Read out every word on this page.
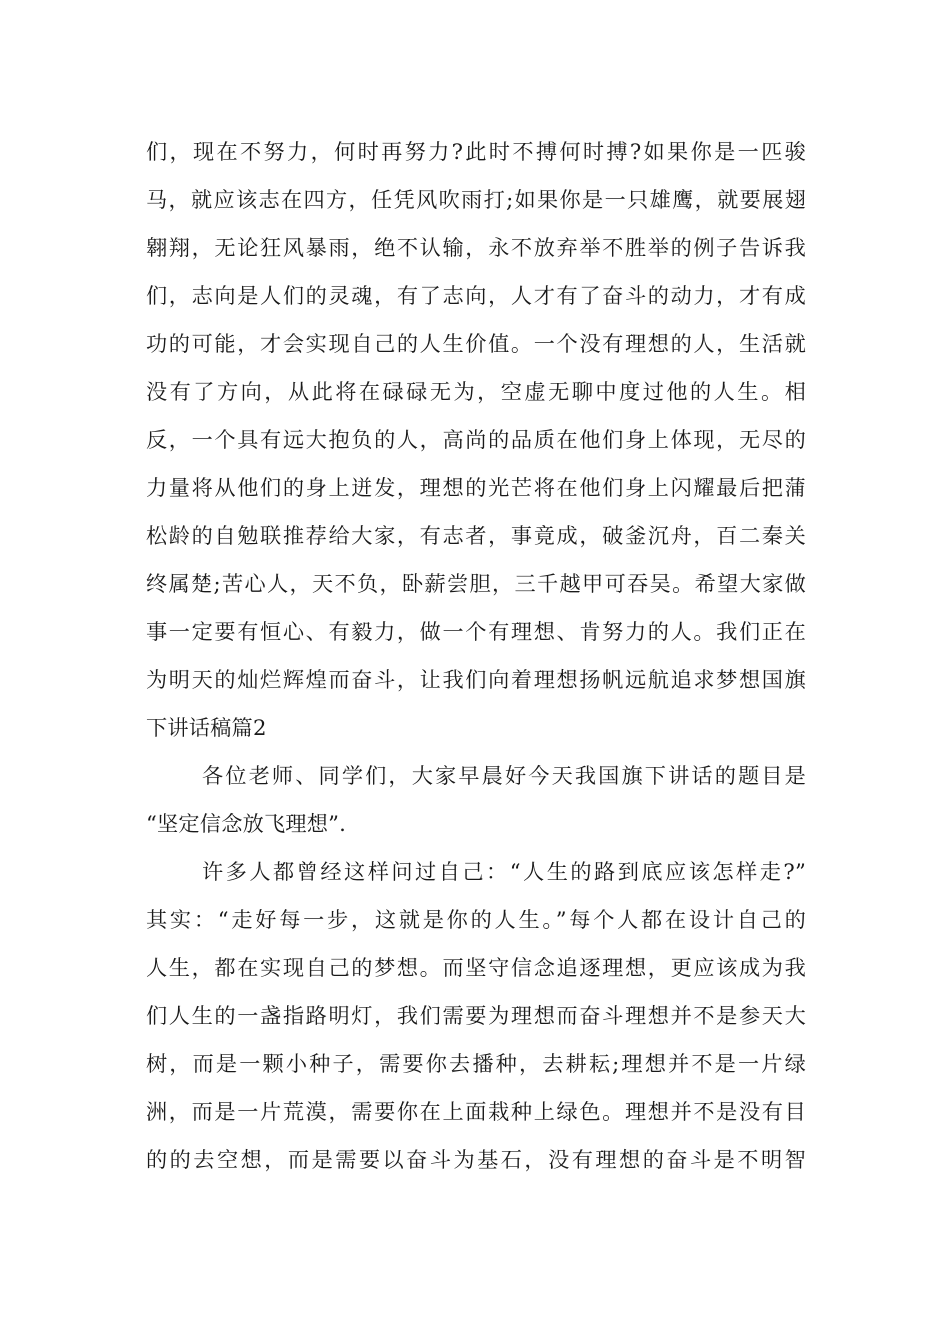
们，现在不努力，何时再努力?此时不搏何时搏?如果你是一匹骏
马，就应该志在四方，任凭风吹雨打;如果你是一只雄鹰，就要展翅
翱翔，无论狂风暴雨，绝不认输，永不放弃举不胜举的例子告诉我
们，志向是人们的灵魂，有了志向，人才有了奋斗的动力，才有成
功的可能，才会实现自己的人生价值。一个没有理想的人，生活就
没有了方向，从此将在碌碌无为，空虚无聊中度过他的人生。相
反，一个具有远大抱负的人，高尚的品质在他们身上体现，无尽的
力量将从他们的身上迸发，理想的光芒将在他们身上闪耀最后把蒲
松龄的自勉联推荐给大家，有志者，事竟成，破釜沉舟，百二秦关
终属楚;苦心人，天不负，卧薪尝胆，三千越甲可吞吴。希望大家做
事一定要有恒心、有毅力，做一个有理想、肯努力的人。我们正在
为明天的灿烂辉煌而奋斗，让我们向着理想扬帆远航追求梦想国旗
下讲话稿篇2
各位老师、同学们，大家早晨好今天我国旗下讲话的题目是
“坚定信念放飞理想”.
许多人都曾经这样问过自己：“人生的路到底应该怎样走?”
其实：“走好每一步，这就是你的人生。”每个人都在设计自己的
人生，都在实现自己的梦想。而坚守信念追逐理想，更应该成为我
们人生的一盏指路明灯，我们需要为理想而奋斗理想并不是参天大
树，而是一颗小种子，需要你去播种，去耕耘;理想并不是一片绿
洲，而是一片荒漠，需要你在上面栽种上绿色。理想并不是没有目
的的去空想，而是需要以奋斗为基石，没有理想的奋斗是不明智
